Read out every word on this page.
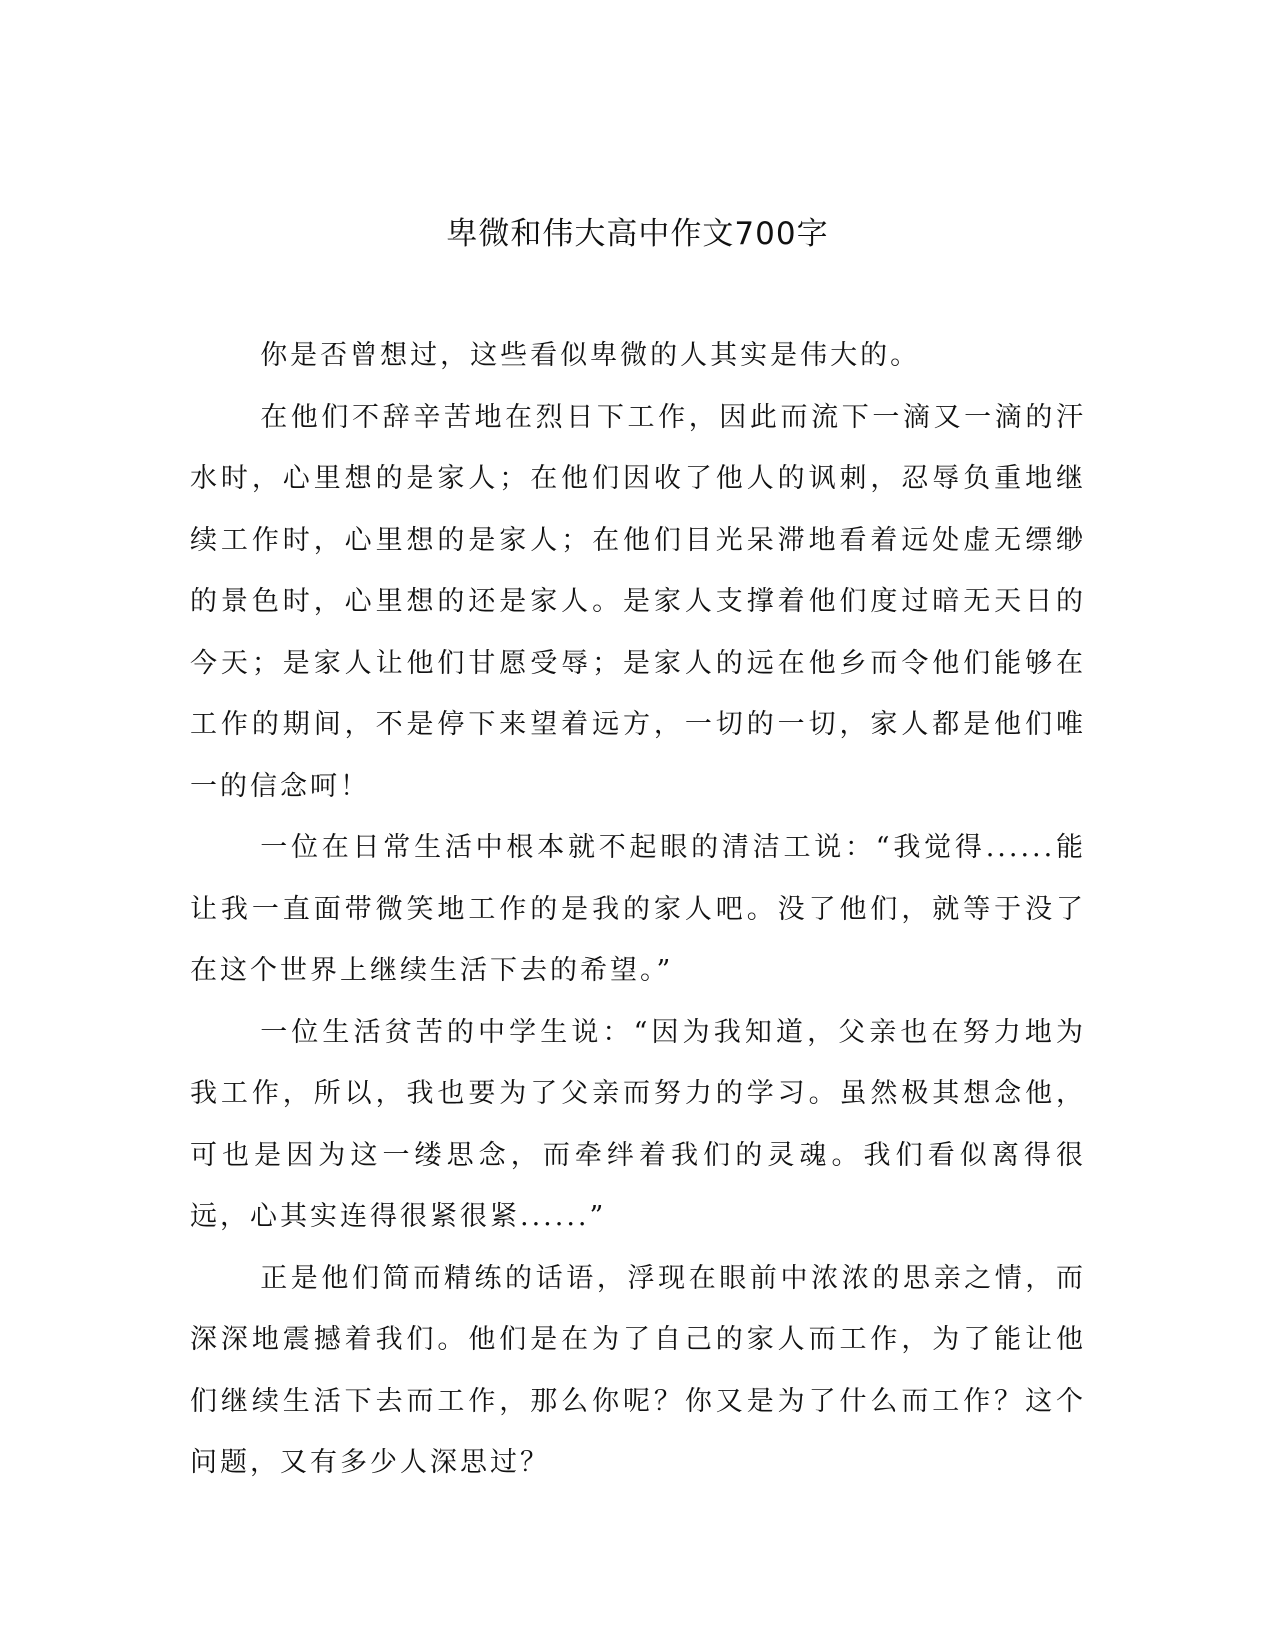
卑微和伟大高中作文700字

你是否曾想过，这些看似卑微的人其实是伟大的。

在他们不辞辛苦地在烈日下工作，因此而流下一滴又一滴的汗水时，心里想的是家人；在他们因收了他人的讽刺，忍辱负重地继续工作时，心里想的是家人；在他们目光呆滞地看着远处虚无缥缈的景色时，心里想的还是家人。是家人支撑着他们度过暗无天日的今天；是家人让他们甘愿受辱；是家人的远在他乡而令他们能够在工作的期间，不是停下来望着远方，一切的一切，家人都是他们唯一的信念呵！

一位在日常生活中根本就不起眼的清洁工说：“我觉得......能让我一直面带微笑地工作的是我的家人吧。没了他们，就等于没了在这个世界上继续生活下去的希望。”

一位生活贫苦的中学生说：“因为我知道，父亲也在努力地为我工作，所以，我也要为了父亲而努力的学习。虽然极其想念他，可也是因为这一缕思念，而牵绊着我们的灵魂。我们看似离得很远，心其实连得很紧很紧......”

正是他们简而精练的话语，浮现在眼前中浓浓的思亲之情，而深深地震撼着我们。他们是在为了自己的家人而工作，为了能让他们继续生活下去而工作，那么你呢？你又是为了什么而工作？这个问题，又有多少人深思过？
